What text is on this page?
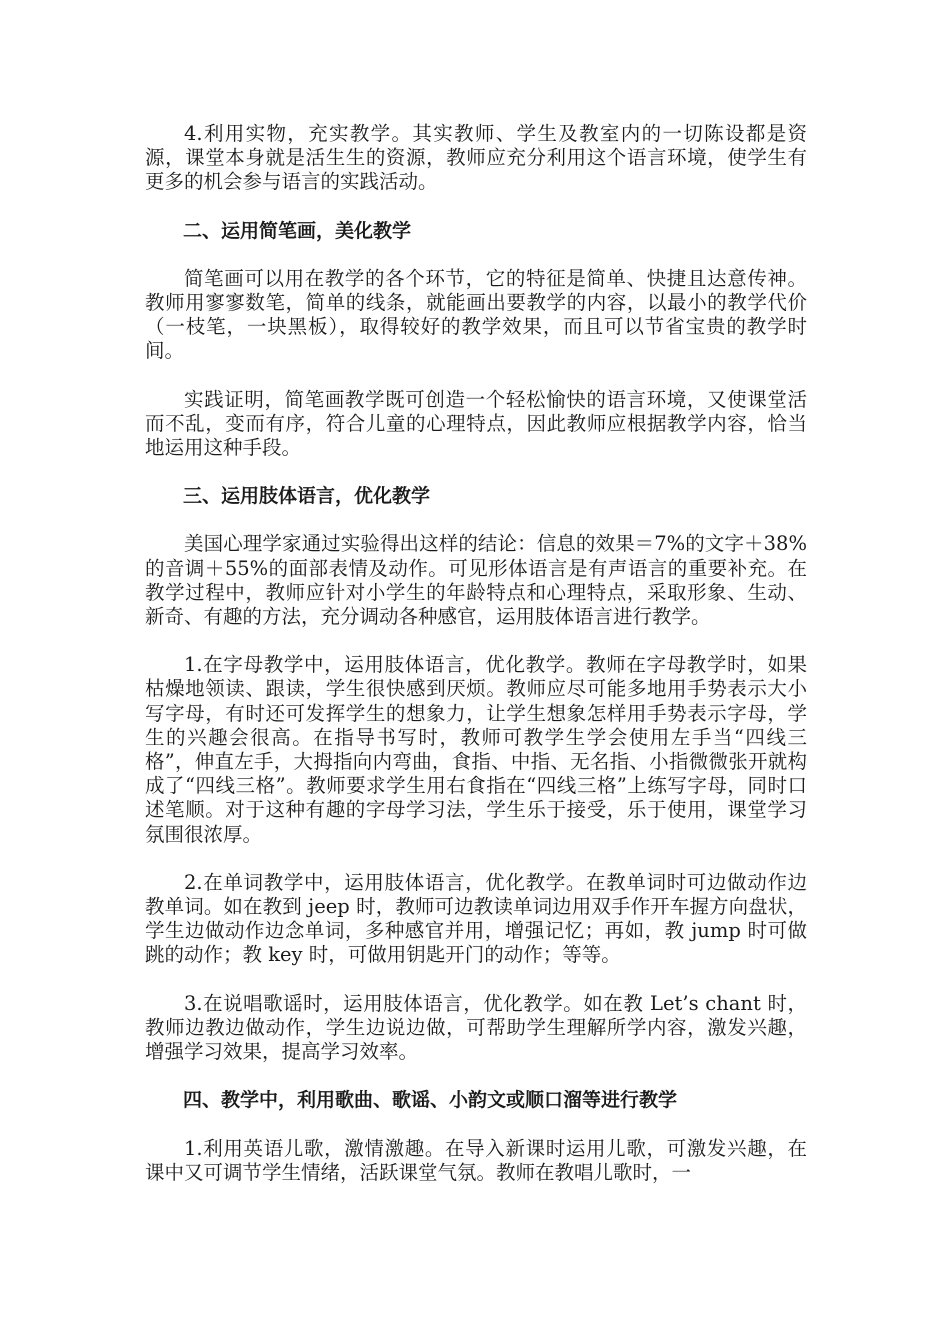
4.利用实物，充实教学。其实教师、学生及教室内的一切陈设都是资源，课堂本身就是活生生的资源，教师应充分利用这个语言环境，使学生有更多的机会参与语言的实践活动。

二、运用简笔画，美化教学

简笔画可以用在教学的各个环节，它的特征是简单、快捷且达意传神。教师用寥寥数笔，简单的线条，就能画出要教学的内容，以最小的教学代价（一枝笔，一块黑板），取得较好的教学效果，而且可以节省宝贵的教学时间。

实践证明，简笔画教学既可创造一个轻松愉快的语言环境，又使课堂活而不乱，变而有序，符合儿童的心理特点，因此教师应根据教学内容，恰当地运用这种手段。

三、运用肢体语言，优化教学

美国心理学家通过实验得出这样的结论：信息的效果＝7%的文字＋38%的音调＋55%的面部表情及动作。可见形体语言是有声语言的重要补充。在教学过程中，教师应针对小学生的年龄特点和心理特点，采取形象、生动、新奇、有趣的方法，充分调动各种感官，运用肢体语言进行教学。

1.在字母教学中，运用肢体语言，优化教学。教师在字母教学时，如果枯燥地领读、跟读，学生很快感到厌烦。教师应尽可能多地用手势表示大小写字母，有时还可发挥学生的想象力，让学生想象怎样用手势表示字母，学生的兴趣会很高。在指导书写时，教师可教学生学会使用左手当“四线三格”，伸直左手，大拇指向内弯曲，食指、中指、无名指、小指微微张开就构成了“四线三格”。教师要求学生用右食指在“四线三格”上练写字母，同时口述笔顺。对于这种有趣的字母学习法，学生乐于接受，乐于使用，课堂学习氛围很浓厚。

2.在单词教学中，运用肢体语言，优化教学。在教单词时可边做动作边教单词。如在教到 jeep 时，教师可边教读单词边用双手作开车握方向盘状，学生边做动作边念单词，多种感官并用，增强记忆；再如，教 jump 时可做跳的动作；教 key 时，可做用钥匙开门的动作；等等。

3.在说唱歌谣时，运用肢体语言，优化教学。如在教 Let’s chant 时，教师边教边做动作，学生边说边做，可帮助学生理解所学内容，激发兴趣，增强学习效果，提高学习效率。

四、教学中，利用歌曲、歌谣、小韵文或顺口溜等进行教学

1.利用英语儿歌，激情激趣。在导入新课时运用儿歌，可激发兴趣，在课中又可调节学生情绪，活跃课堂气氛。教师在教唱儿歌时，一
